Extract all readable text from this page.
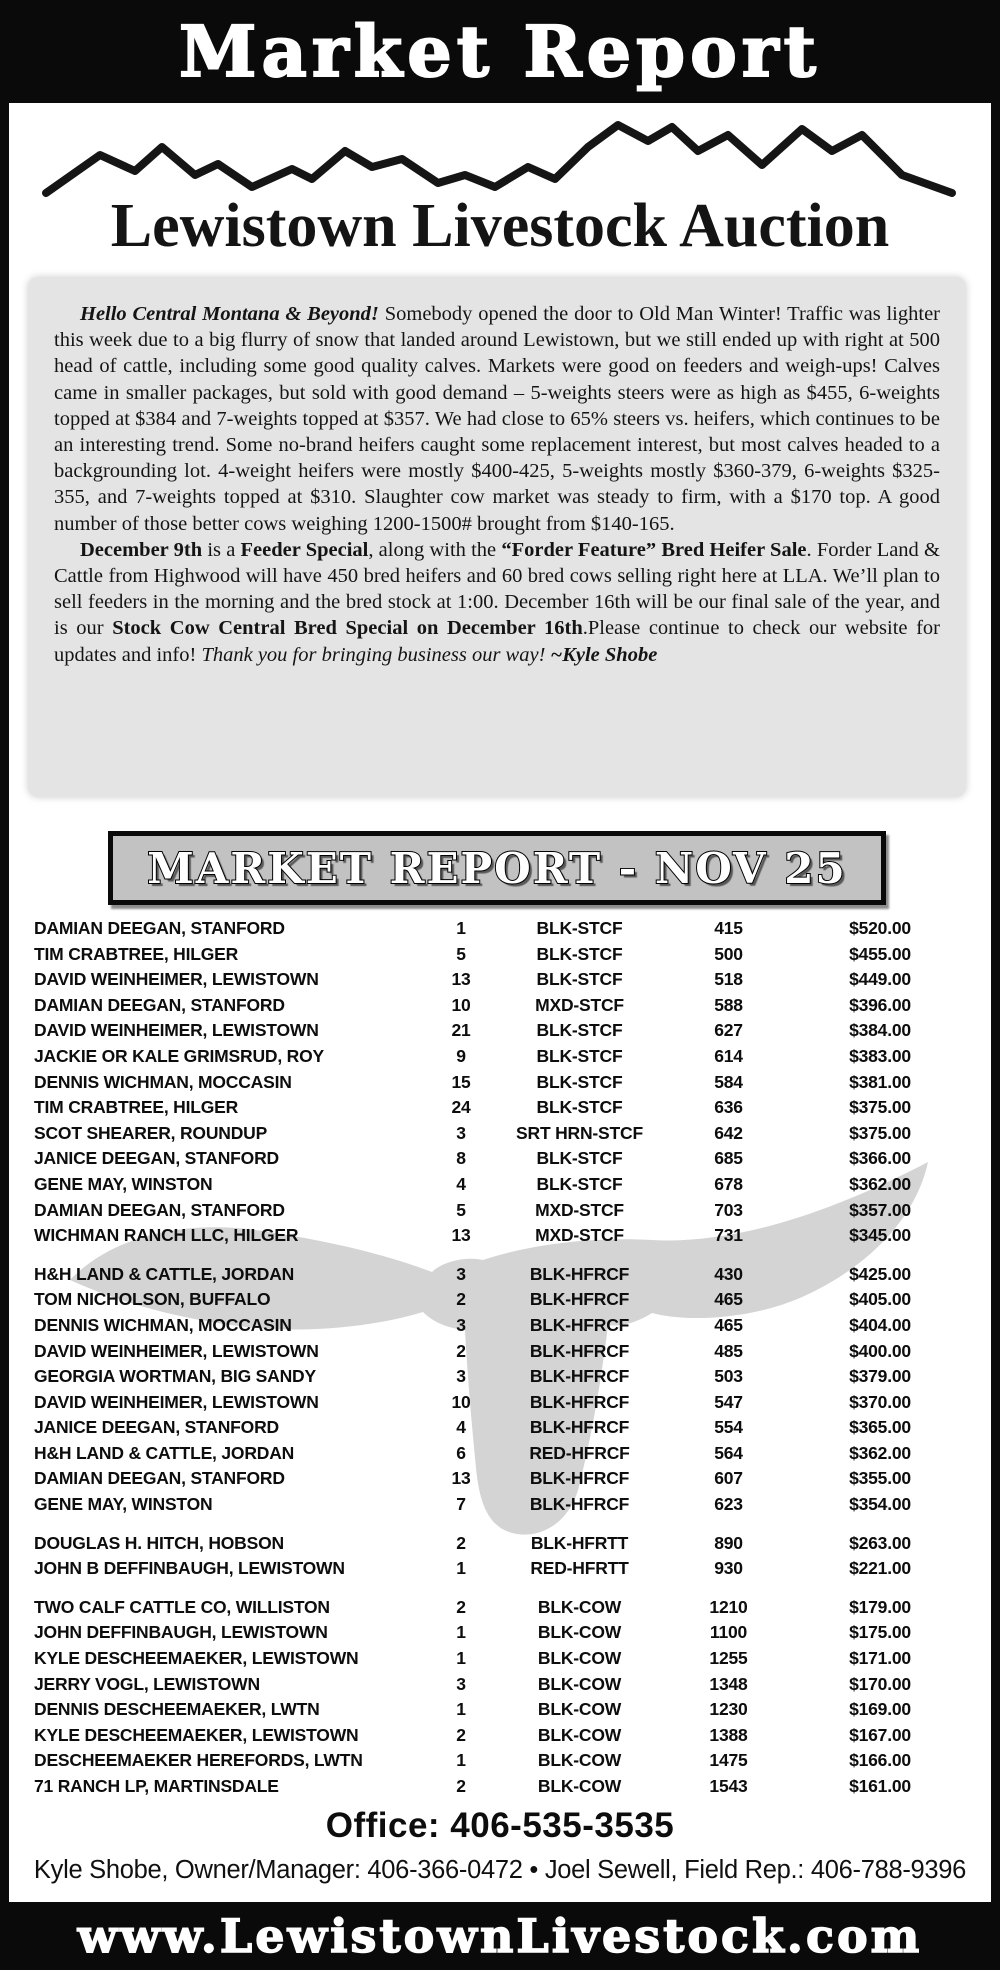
Market Report
Lewistown Livestock Auction

Hello Central Montana & Beyond! Somebody opened the door to Old Man Winter! Traffic was lighter this week due to a big flurry of snow that landed around Lewistown, but we still ended up with right at 500 head of cattle, including some good quality calves. Markets were good on feeders and weigh-ups! Calves came in smaller packages, but sold with good demand – 5-weights steers were as high as $455, 6-weights topped at $384 and 7-weights topped at $357. We had close to 65% steers vs. heifers, which continues to be an interesting trend. Some no-brand heifers caught some replacement interest, but most calves headed to a backgrounding lot. 4-weight heifers were mostly $400-425, 5-weights mostly $360-379, 6-weights $325-355, and 7-weights topped at $310. Slaughter cow market was steady to firm, with a $170 top. A good number of those better cows weighing 1200-1500# brought from $140-165.

December 9th is a Feeder Special, along with the “Forder Feature” Bred Heifer Sale. Forder Land & Cattle from Highwood will have 450 bred heifers and 60 bred cows selling right here at LLA. We’ll plan to sell feeders in the morning and the bred stock at 1:00. December 16th will be our final sale of the year, and is our Stock Cow Central Bred Special on December 16th.Please continue to check our website for updates and info! Thank you for bringing business our way! ~Kyle Shobe

MARKET REPORT - NOV 25
DAMIAN DEEGAN, STANFORD	1	BLK-STCF	415	$520.00
TIM CRABTREE, HILGER	5	BLK-STCF	500	$455.00
DAVID WEINHEIMER, LEWISTOWN	13	BLK-STCF	518	$449.00
DAMIAN DEEGAN, STANFORD	10	MXD-STCF	588	$396.00
DAVID WEINHEIMER, LEWISTOWN	21	BLK-STCF	627	$384.00
JACKIE OR KALE GRIMSRUD, ROY	9	BLK-STCF	614	$383.00
DENNIS WICHMAN, MOCCASIN	15	BLK-STCF	584	$381.00
TIM CRABTREE, HILGER	24	BLK-STCF	636	$375.00
SCOT SHEARER, ROUNDUP	3	SRT HRN-STCF	642	$375.00
JANICE DEEGAN, STANFORD	8	BLK-STCF	685	$366.00
GENE MAY, WINSTON	4	BLK-STCF	678	$362.00
DAMIAN DEEGAN, STANFORD	5	MXD-STCF	703	$357.00
WICHMAN RANCH LLC, HILGER	13	MXD-STCF	731	$345.00
H&H LAND & CATTLE, JORDAN	3	BLK-HFRCF	430	$425.00
TOM NICHOLSON, BUFFALO	2	BLK-HFRCF	465	$405.00
DENNIS WICHMAN, MOCCASIN	3	BLK-HFRCF	465	$404.00
DAVID WEINHEIMER, LEWISTOWN	2	BLK-HFRCF	485	$400.00
GEORGIA WORTMAN, BIG SANDY	3	BLK-HFRCF	503	$379.00
DAVID WEINHEIMER, LEWISTOWN	10	BLK-HFRCF	547	$370.00
JANICE DEEGAN, STANFORD	4	BLK-HFRCF	554	$365.00
H&H LAND & CATTLE, JORDAN	6	RED-HFRCF	564	$362.00
DAMIAN DEEGAN, STANFORD	13	BLK-HFRCF	607	$355.00
GENE MAY, WINSTON	7	BLK-HFRCF	623	$354.00
DOUGLAS H. HITCH, HOBSON	2	BLK-HFRTT	890	$263.00
JOHN B DEFFINBAUGH, LEWISTOWN	1	RED-HFRTT	930	$221.00
TWO CALF CATTLE CO, WILLISTON	2	BLK-COW	1210	$179.00
JOHN DEFFINBAUGH, LEWISTOWN	1	BLK-COW	1100	$175.00
KYLE DESCHEEMAEKER, LEWISTOWN	1	BLK-COW	1255	$171.00
JERRY VOGL, LEWISTOWN	3	BLK-COW	1348	$170.00
DENNIS DESCHEEMAEKER, LWTN	1	BLK-COW	1230	$169.00
KYLE DESCHEEMAEKER, LEWISTOWN	2	BLK-COW	1388	$167.00
DESCHEEMAEKER HEREFORDS, LWTN	1	BLK-COW	1475	$166.00
71 RANCH LP, MARTINSDALE	2	BLK-COW	1543	$161.00
Office: 406-535-3535
Kyle Shobe, Owner/Manager: 406-366-0472 • Joel Sewell, Field Rep.: 406-788-9396
www.LewistownLivestock.com
